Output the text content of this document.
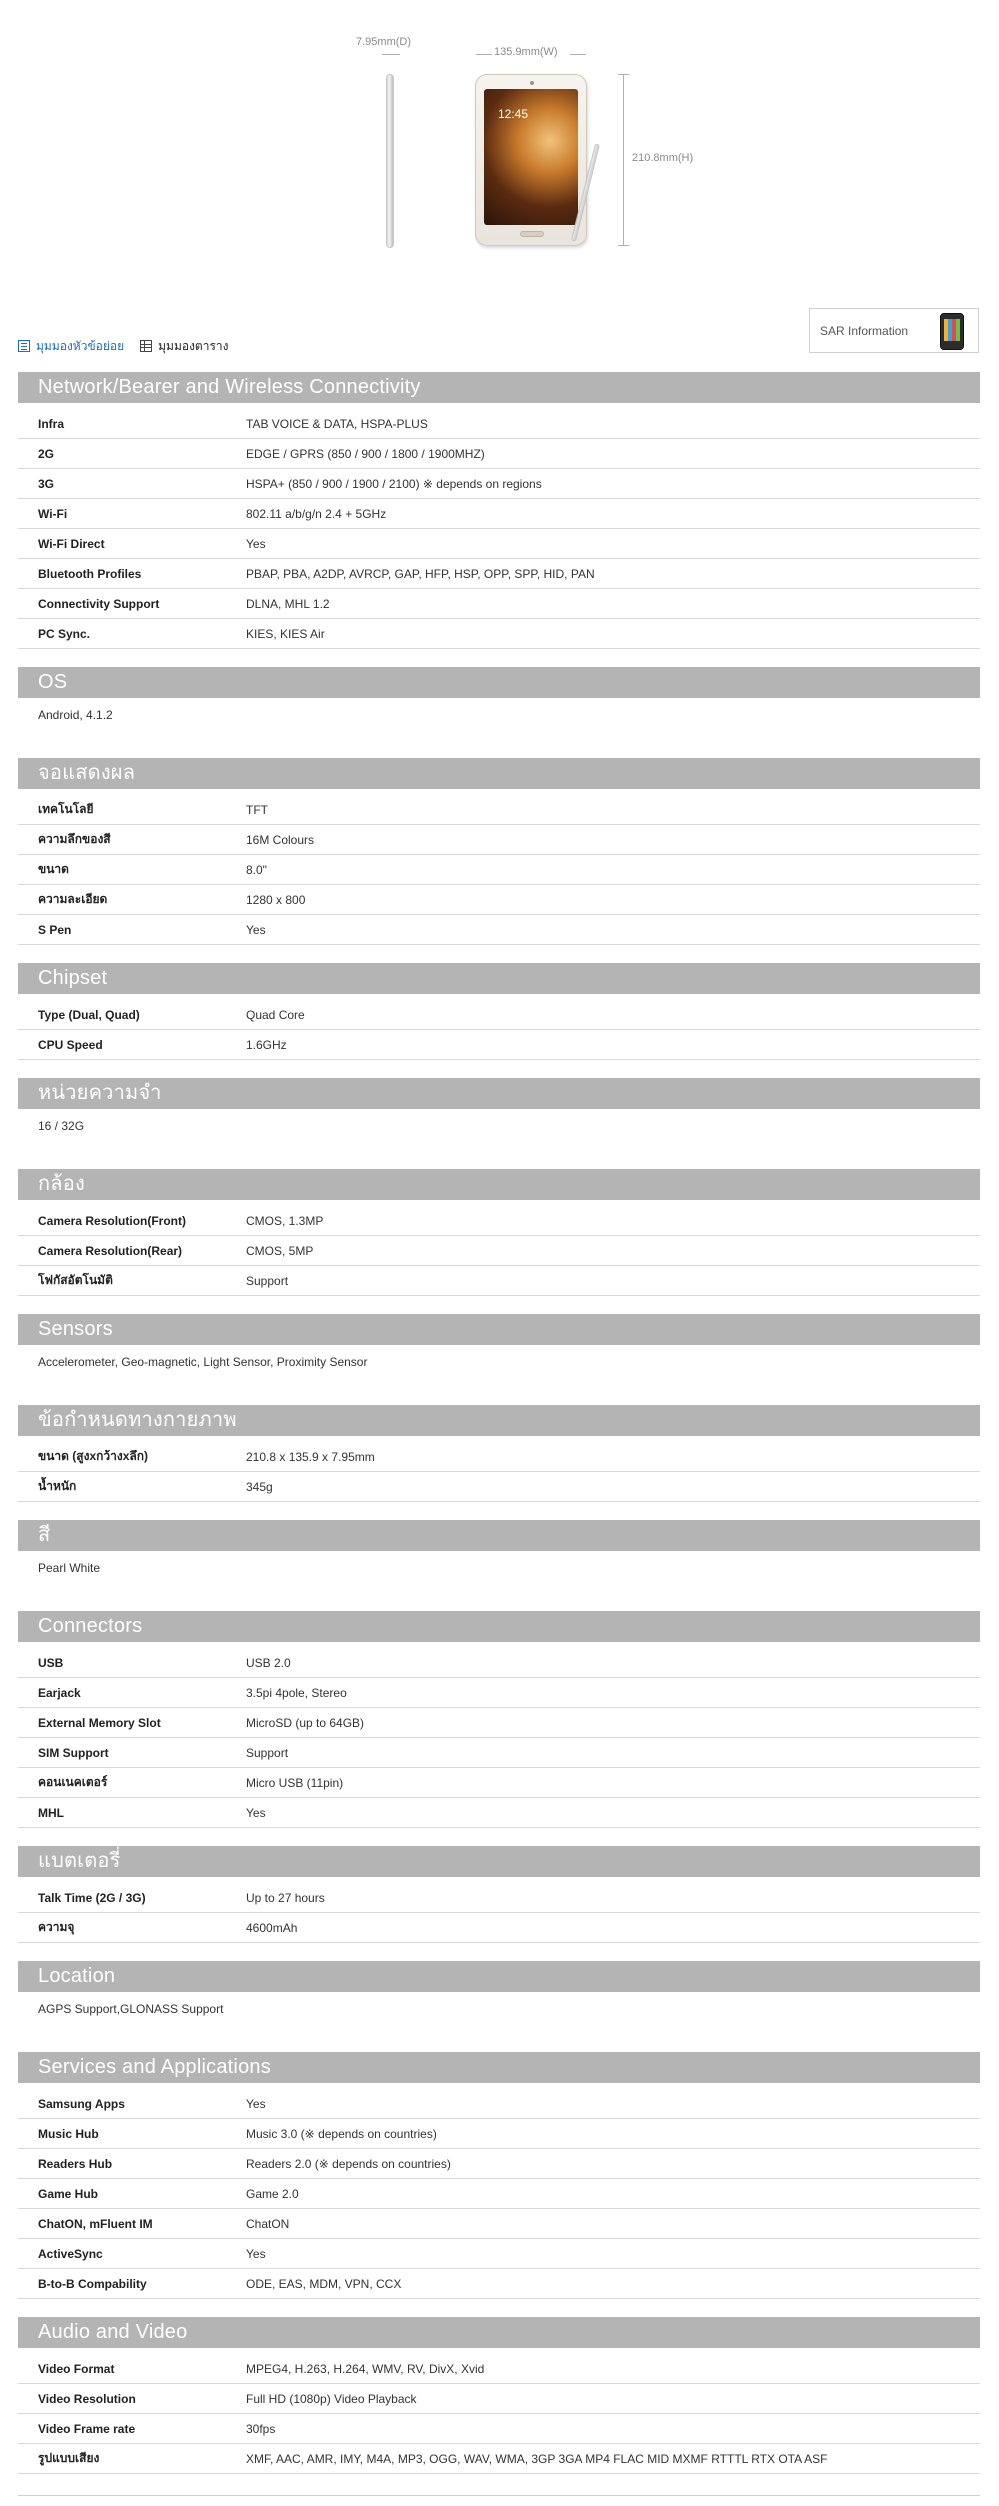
7.95mm(D)
135.9mm(W)
12:45
210.8mm(H)
มุมมองหัวข้อย่อย	มุมมองตาราง
SAR Information
Network/Bearer and Wireless Connectivity
Infra	TAB VOICE & DATA, HSPA-PLUS
2G	EDGE / GPRS (850 / 900 / 1800 / 1900MHZ)
3G	HSPA+ (850 / 900 / 1900 / 2100) ※ depends on regions
Wi-Fi	802.11 a/b/g/n 2.4 + 5GHz
Wi-Fi Direct	Yes
Bluetooth Profiles	PBAP, PBA, A2DP, AVRCP, GAP, HFP, HSP, OPP, SPP, HID, PAN
Connectivity Support	DLNA, MHL 1.2
PC Sync.	KIES, KIES Air
OS
Android, 4.1.2
จอแสดงผล
เทคโนโลยี	TFT
ความลึกของสี	16M Colours
ขนาด	8.0"
ความละเอียด	1280 x 800
S Pen	Yes
Chipset
Type (Dual, Quad)	Quad Core
CPU Speed	1.6GHz
หน่วยความจำ
16 / 32G
กล้อง
Camera Resolution(Front)	CMOS, 1.3MP
Camera Resolution(Rear)	CMOS, 5MP
โฟกัสอัตโนมัติ	Support
Sensors
Accelerometer, Geo-magnetic, Light Sensor, Proximity Sensor
ข้อกำหนดทางกายภาพ
ขนาด (สูงxกว้างxลึก)	210.8 x 135.9 x 7.95mm
น้ำหนัก	345g
สี
Pearl White
Connectors
USB	USB 2.0
Earjack	3.5pi 4pole, Stereo
External Memory Slot	MicroSD (up to 64GB)
SIM Support	Support
คอนเนคเตอร์	Micro USB (11pin)
MHL	Yes
แบตเตอรี่
Talk Time (2G / 3G)	Up to 27 hours
ความจุ	4600mAh
Location
AGPS Support,GLONASS Support
Services and Applications
Samsung Apps	Yes
Music Hub	Music 3.0 (※ depends on countries)
Readers Hub	Readers 2.0 (※ depends on countries)
Game Hub	Game 2.0
ChatON, mFluent IM	ChatON
ActiveSync	Yes
B-to-B Compability	ODE, EAS, MDM, VPN, CCX
Audio and Video
Video Format	MPEG4, H.263, H.264, WMV, RV, DivX, Xvid
Video Resolution	Full HD (1080p) Video Playback
Video Frame rate	30fps
รูปแบบเสียง	XMF, AAC, AMR, IMY, M4A, MP3, OGG, WAV, WMA, 3GP 3GA MP4 FLAC MID MXMF RTTTL RTX OTA ASF
